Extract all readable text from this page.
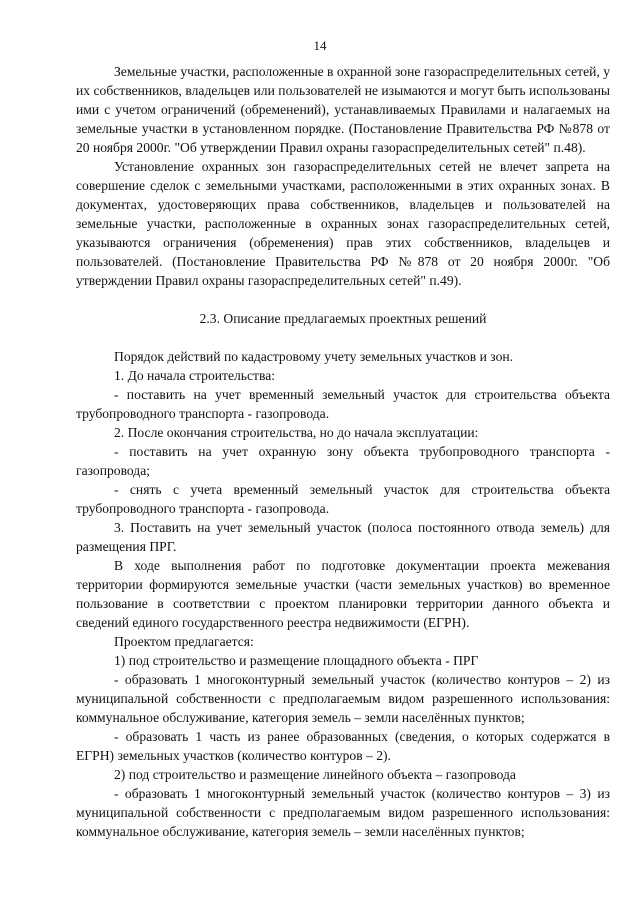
14

Земельные участки, расположенные в охранной зоне газораспределительных сетей, у их собственников, владельцев или пользователей не изымаются и могут быть использованы ими с учетом ограничений (обременений), устанавливаемых Правилами и налагаемых на земельные участки в установленном порядке. (Постановление Правительства РФ №878 от 20 ноября 2000г. "Об утверждении Правил охраны газораспределительных сетей" п.48).

Установление охранных зон газораспределительных сетей не влечет запрета на совершение сделок с земельными участками, расположенными в этих охранных зонах. В документах, удостоверяющих права собственников, владельцев и пользователей на земельные участки, расположенные в охранных зонах газораспределительных сетей, указываются ограничения (обременения) прав этих собственников, владельцев и пользователей. (Постановление Правительства РФ №878 от 20 ноября 2000г. "Об утверждении Правил охраны газораспределительных сетей" п.49).

2.3. Описание предлагаемых проектных решений

Порядок действий по кадастровому учету земельных участков и зон.

1. До начала строительства:

- поставить на учет временный земельный участок для строительства объекта трубопроводного транспорта - газопровода.

2. После окончания строительства, но до начала эксплуатации:

- поставить на учет охранную зону объекта трубопроводного транспорта - газопровода;

- снять с учета временный земельный участок для строительства объекта трубопроводного транспорта - газопровода.

3. Поставить на учет земельный участок (полоса постоянного отвода земель) для размещения ПРГ.

В ходе выполнения работ по подготовке документации проекта межевания территории формируются земельные участки (части земельных участков) во временное пользование в соответствии с проектом планировки территории данного объекта и сведений единого государственного реестра недвижимости (ЕГРН).

Проектом предлагается:

1) под строительство и размещение площадного объекта - ПРГ

- образовать 1 многоконтурный земельный участок (количество контуров – 2) из муниципальной собственности с предполагаемым видом разрешенного использования: коммунальное обслуживание, категория земель – земли населённых пунктов;

- образовать 1 часть из ранее образованных (сведения, о которых содержатся в ЕГРН) земельных участков (количество контуров – 2).

2) под строительство и размещение линейного объекта – газопровода

- образовать 1 многоконтурный земельный участок (количество контуров – 3) из муниципальной собственности с предполагаемым видом разрешенного использования: коммунальное обслуживание, категория земель – земли населённых пунктов;
